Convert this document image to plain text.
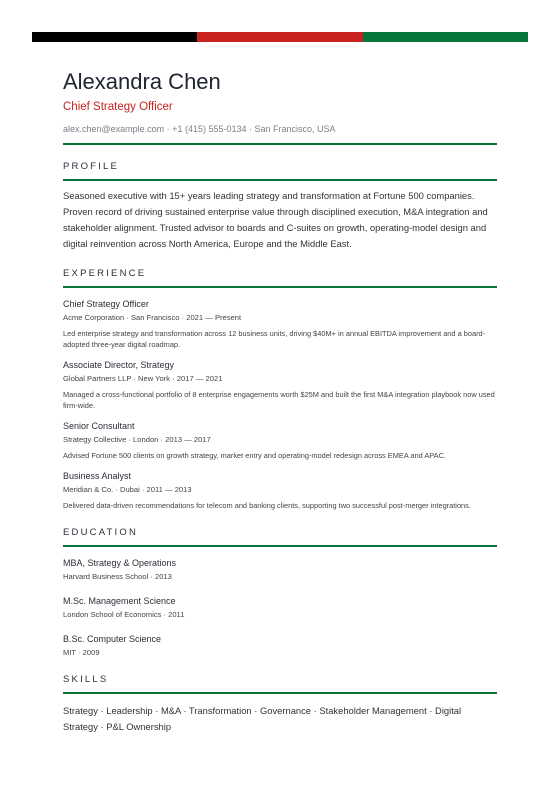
Alexandra Chen
Chief Strategy Officer
alex.chen@example.com · +1 (415) 555-0134 · San Francisco, USA
PROFILE
Seasoned executive with 15+ years leading strategy and transformation at Fortune 500 companies. Proven record of driving sustained enterprise value through disciplined execution, M&A integration and stakeholder alignment. Trusted advisor to boards and C-suites on growth, operating-model design and digital reinvention across North America, Europe and the Middle East.
EXPERIENCE
Chief Strategy Officer
Acme Corporation · San Francisco · 2021 — Present
Led enterprise strategy and transformation across 12 business units, driving $40M+ in annual EBITDA improvement and a board-adopted three-year digital roadmap.
Associate Director, Strategy
Global Partners LLP · New York · 2017 — 2021
Managed a cross-functional portfolio of 8 enterprise engagements worth $25M and built the first M&A integration playbook now used firm-wide.
Senior Consultant
Strategy Collective · London · 2013 — 2017
Advised Fortune 500 clients on growth strategy, market entry and operating-model redesign across EMEA and APAC.
Business Analyst
Meridian & Co. · Dubai · 2011 — 2013
Delivered data-driven recommendations for telecom and banking clients, supporting two successful post-merger integrations.
EDUCATION
MBA, Strategy & Operations
Harvard Business School · 2013
M.Sc. Management Science
London School of Economics · 2011
B.Sc. Computer Science
MIT · 2009
SKILLS
Strategy · Leadership · M&A · Transformation · Governance · Stakeholder Management · Digital Strategy · P&L Ownership
